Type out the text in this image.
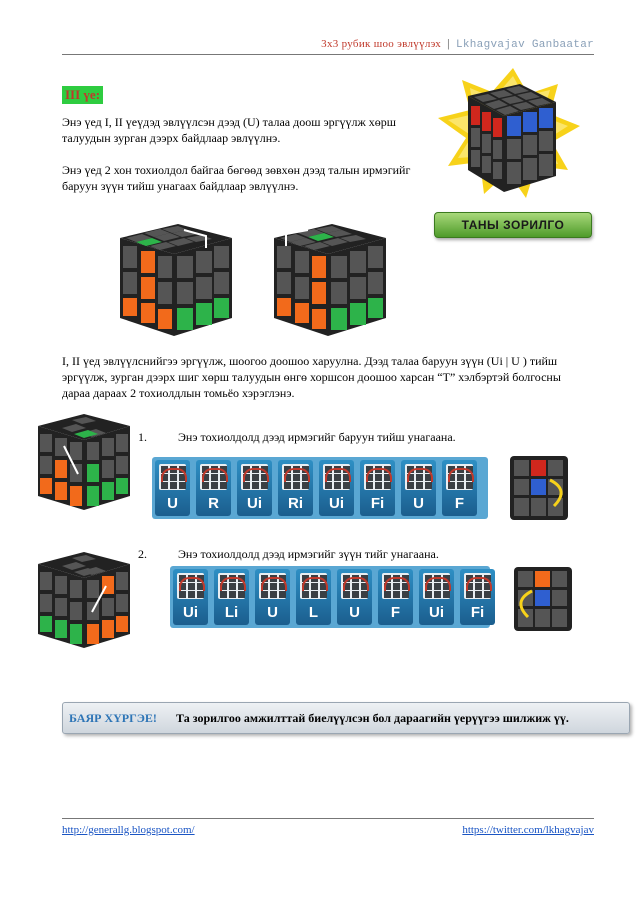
3x3 рубик шоо эвлүүлэх | Lkhagvajav Ganbaatar
III үе:
Энэ үед I, II үеүдэд эвлүүлсэн дээд (U) талаа доош эргүүлж хөрш талуудын зурган дээрх байдлаар эвлүүлнэ.
Энэ үед 2 хон тохиолдол байгаа бөгөөд зөвхөн дээд талын ирмэгийг баруун зүүн тийш унагаах байдлаар эвлүүлнэ.
ТАНЫ ЗОРИЛГО
I, II үед эвлүүлснийгээ эргүүлж, шоогоо доошоо харуулна. Дээд талаа баруун зүүн (Ui | U ) тийш эргүүлж, зурган дээрх шиг хөрш талуудын өнгө хоршсон доошоо харсан “T” хэлбэртэй болгосны дараа дараах 2 тохиолдлын томьёо хэрэглэнэ.
1.	Энэ тохиолдолд дээд ирмэгийг баруун тийш унагаана.
U	R	Ui	Ri	Ui	Fi	U	F
2.	Энэ тохиолдолд дээд ирмэгийг зүүн тийг унагаана.
Ui	Li	U	L	U	F	Ui	Fi
БАЯР ХҮРГЭЕ! Та зорилгоо амжилттай биелүүлсэн бол дараагийн үерүүгээ шилжиж үү.
http://generallg.blogspot.com/	https://twitter.com/lkhagvajav
